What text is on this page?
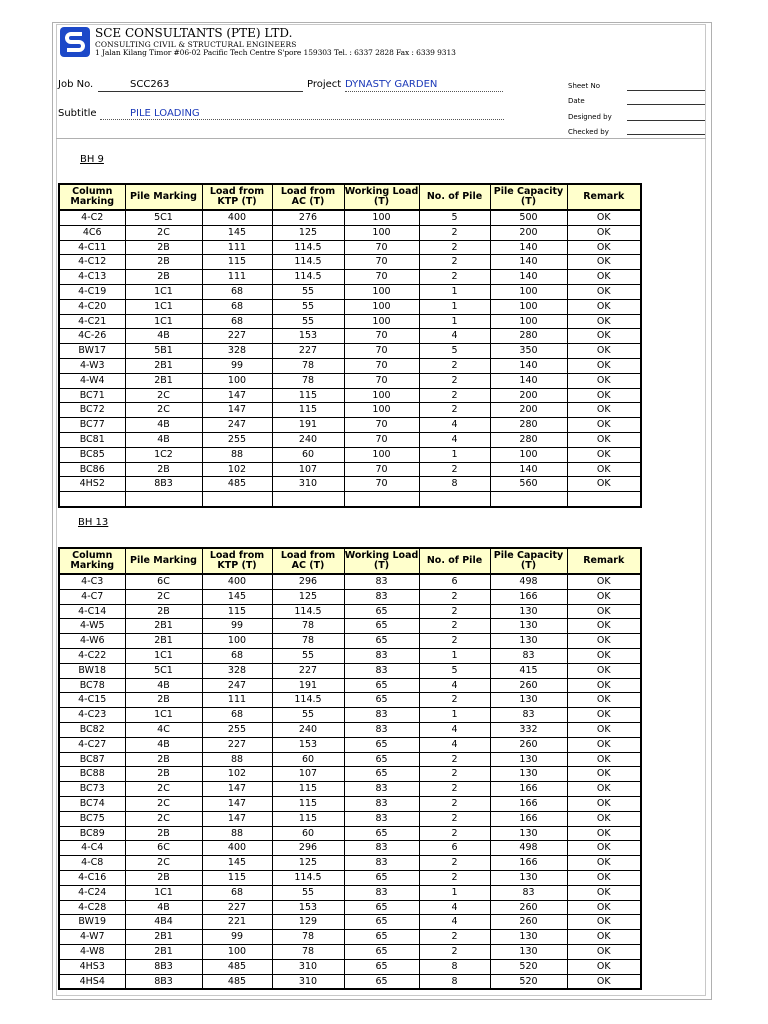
SCE CONSULTANTS (PTE) LTD.
CONSULTING CIVIL & STRUCTURAL ENGINEERS
1 Jalan Kilang Timor #06-02 Pacific Tech Centre S'pore 159303 Tel. : 6337 2828 Fax : 6339 9313
Job No.	SCC263	Project DYNASTY GARDEN
Subtitle	PILE LOADING
Sheet No
Date
Designed by
Checked by
BH 9
Column Marking	Pile Marking	Load from KTP (T)	Load from AC (T)	Working Load (T)	No. of Pile	Pile Capacity (T)	Remark
4-C2	5C1	400	276	100	5	500	OK
4C6	2C	145	125	100	2	200	OK
4-C11	2B	111	114.5	70	2	140	OK
4-C12	2B	115	114.5	70	2	140	OK
4-C13	2B	111	114.5	70	2	140	OK
4-C19	1C1	68	55	100	1	100	OK
4-C20	1C1	68	55	100	1	100	OK
4-C21	1C1	68	55	100	1	100	OK
4C-26	4B	227	153	70	4	280	OK
BW17	5B1	328	227	70	5	350	OK
4-W3	2B1	99	78	70	2	140	OK
4-W4	2B1	100	78	70	2	140	OK
BC71	2C	147	115	100	2	200	OK
BC72	2C	147	115	100	2	200	OK
BC77	4B	247	191	70	4	280	OK
BC81	4B	255	240	70	4	280	OK
BC85	1C2	88	60	100	1	100	OK
BC86	2B	102	107	70	2	140	OK
4HS2	8B3	485	310	70	8	560	OK

BH 13
Column Marking	Pile Marking	Load from KTP (T)	Load from AC (T)	Working Load (T)	No. of Pile	Pile Capacity (T)	Remark
4-C3	6C	400	296	83	6	498	OK
4-C7	2C	145	125	83	2	166	OK
4-C14	2B	115	114.5	65	2	130	OK
4-W5	2B1	99	78	65	2	130	OK
4-W6	2B1	100	78	65	2	130	OK
4-C22	1C1	68	55	83	1	83	OK
BW18	5C1	328	227	83	5	415	OK
BC78	4B	247	191	65	4	260	OK
4-C15	2B	111	114.5	65	2	130	OK
4-C23	1C1	68	55	83	1	83	OK
BC82	4C	255	240	83	4	332	OK
4-C27	4B	227	153	65	4	260	OK
BC87	2B	88	60	65	2	130	OK
BC88	2B	102	107	65	2	130	OK
BC73	2C	147	115	83	2	166	OK
BC74	2C	147	115	83	2	166	OK
BC75	2C	147	115	83	2	166	OK
BC89	2B	88	60	65	2	130	OK
4-C4	6C	400	296	83	6	498	OK
4-C8	2C	145	125	83	2	166	OK
4-C16	2B	115	114.5	65	2	130	OK
4-C24	1C1	68	55	83	1	83	OK
4-C28	4B	227	153	65	4	260	OK
BW19	4B4	221	129	65	4	260	OK
4-W7	2B1	99	78	65	2	130	OK
4-W8	2B1	100	78	65	2	130	OK
4HS3	8B3	485	310	65	8	520	OK
4HS4	8B3	485	310	65	8	520	OK
